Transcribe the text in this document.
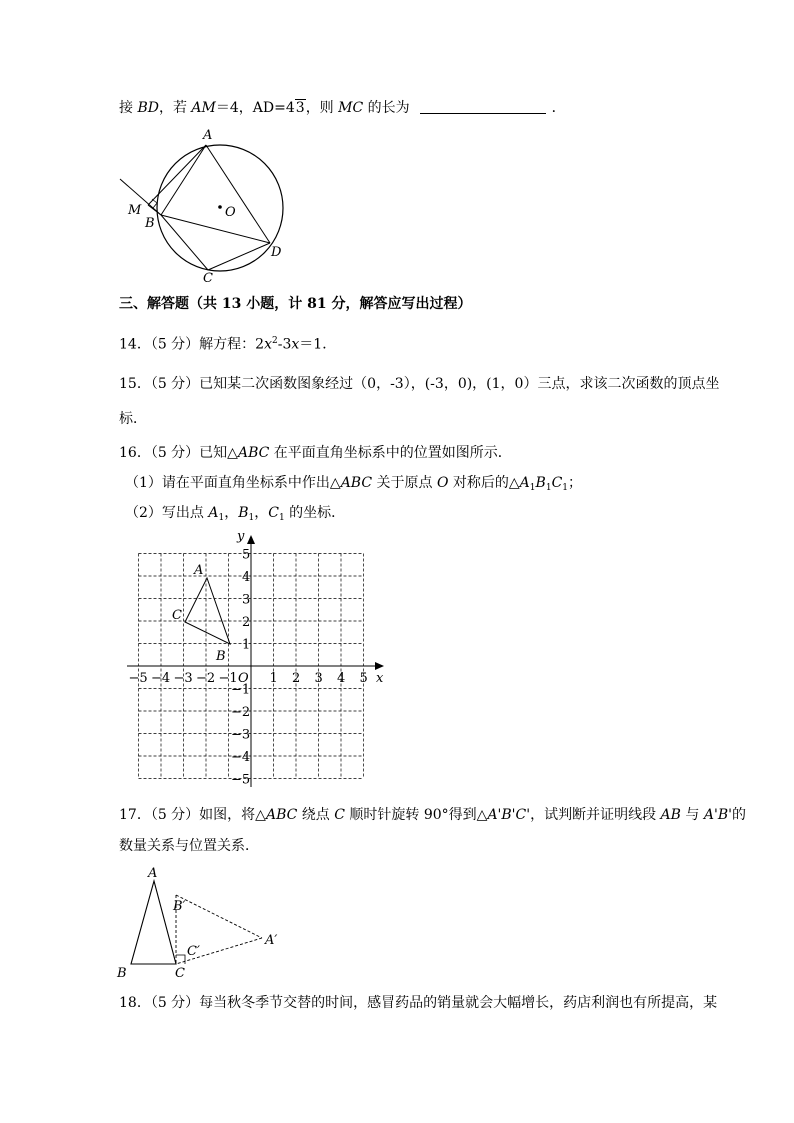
接 BD，若 AM＝4，AD=43，则 MC 的长为	．
A
M
B
O
D
C
三、解答题（共 13 小题，计 81 分，解答应写出过程）
14．（5 分）解方程：$2x^2-3x=1$．
15．（5 分）已知某二次函数图象经过（0，-3），(-3，0)，(1，0）三点，求该二次函数的顶点坐
标．
16．（5 分）已知△ABC 在平面直角坐标系中的位置如图所示．
（1）请在平面直角坐标系中作出△ABC 关于原点 O 对称后的$\triangle A_1B_1C_1$；
（2）写出点 $A_1$，$B_1$，$C_1$ 的坐标．
x
y
O
−5 −4 −3 −2 −1 1 2 3 4 5
1
2
3
4
5
−1
−2
−3
−4
−5
A
C
B
17．（5 分）如图，将△ABC 绕点 C 顺时针旋转 90°得到△A'B'C'，试判断并证明线段 AB 与 A'B'的
数量关系与位置关系．
A
B	C
A′
B′
C′
18．（5 分）每当秋冬季节交替的时间，感冒药品的销量就会大幅增长，药店利润也有所提高，某
